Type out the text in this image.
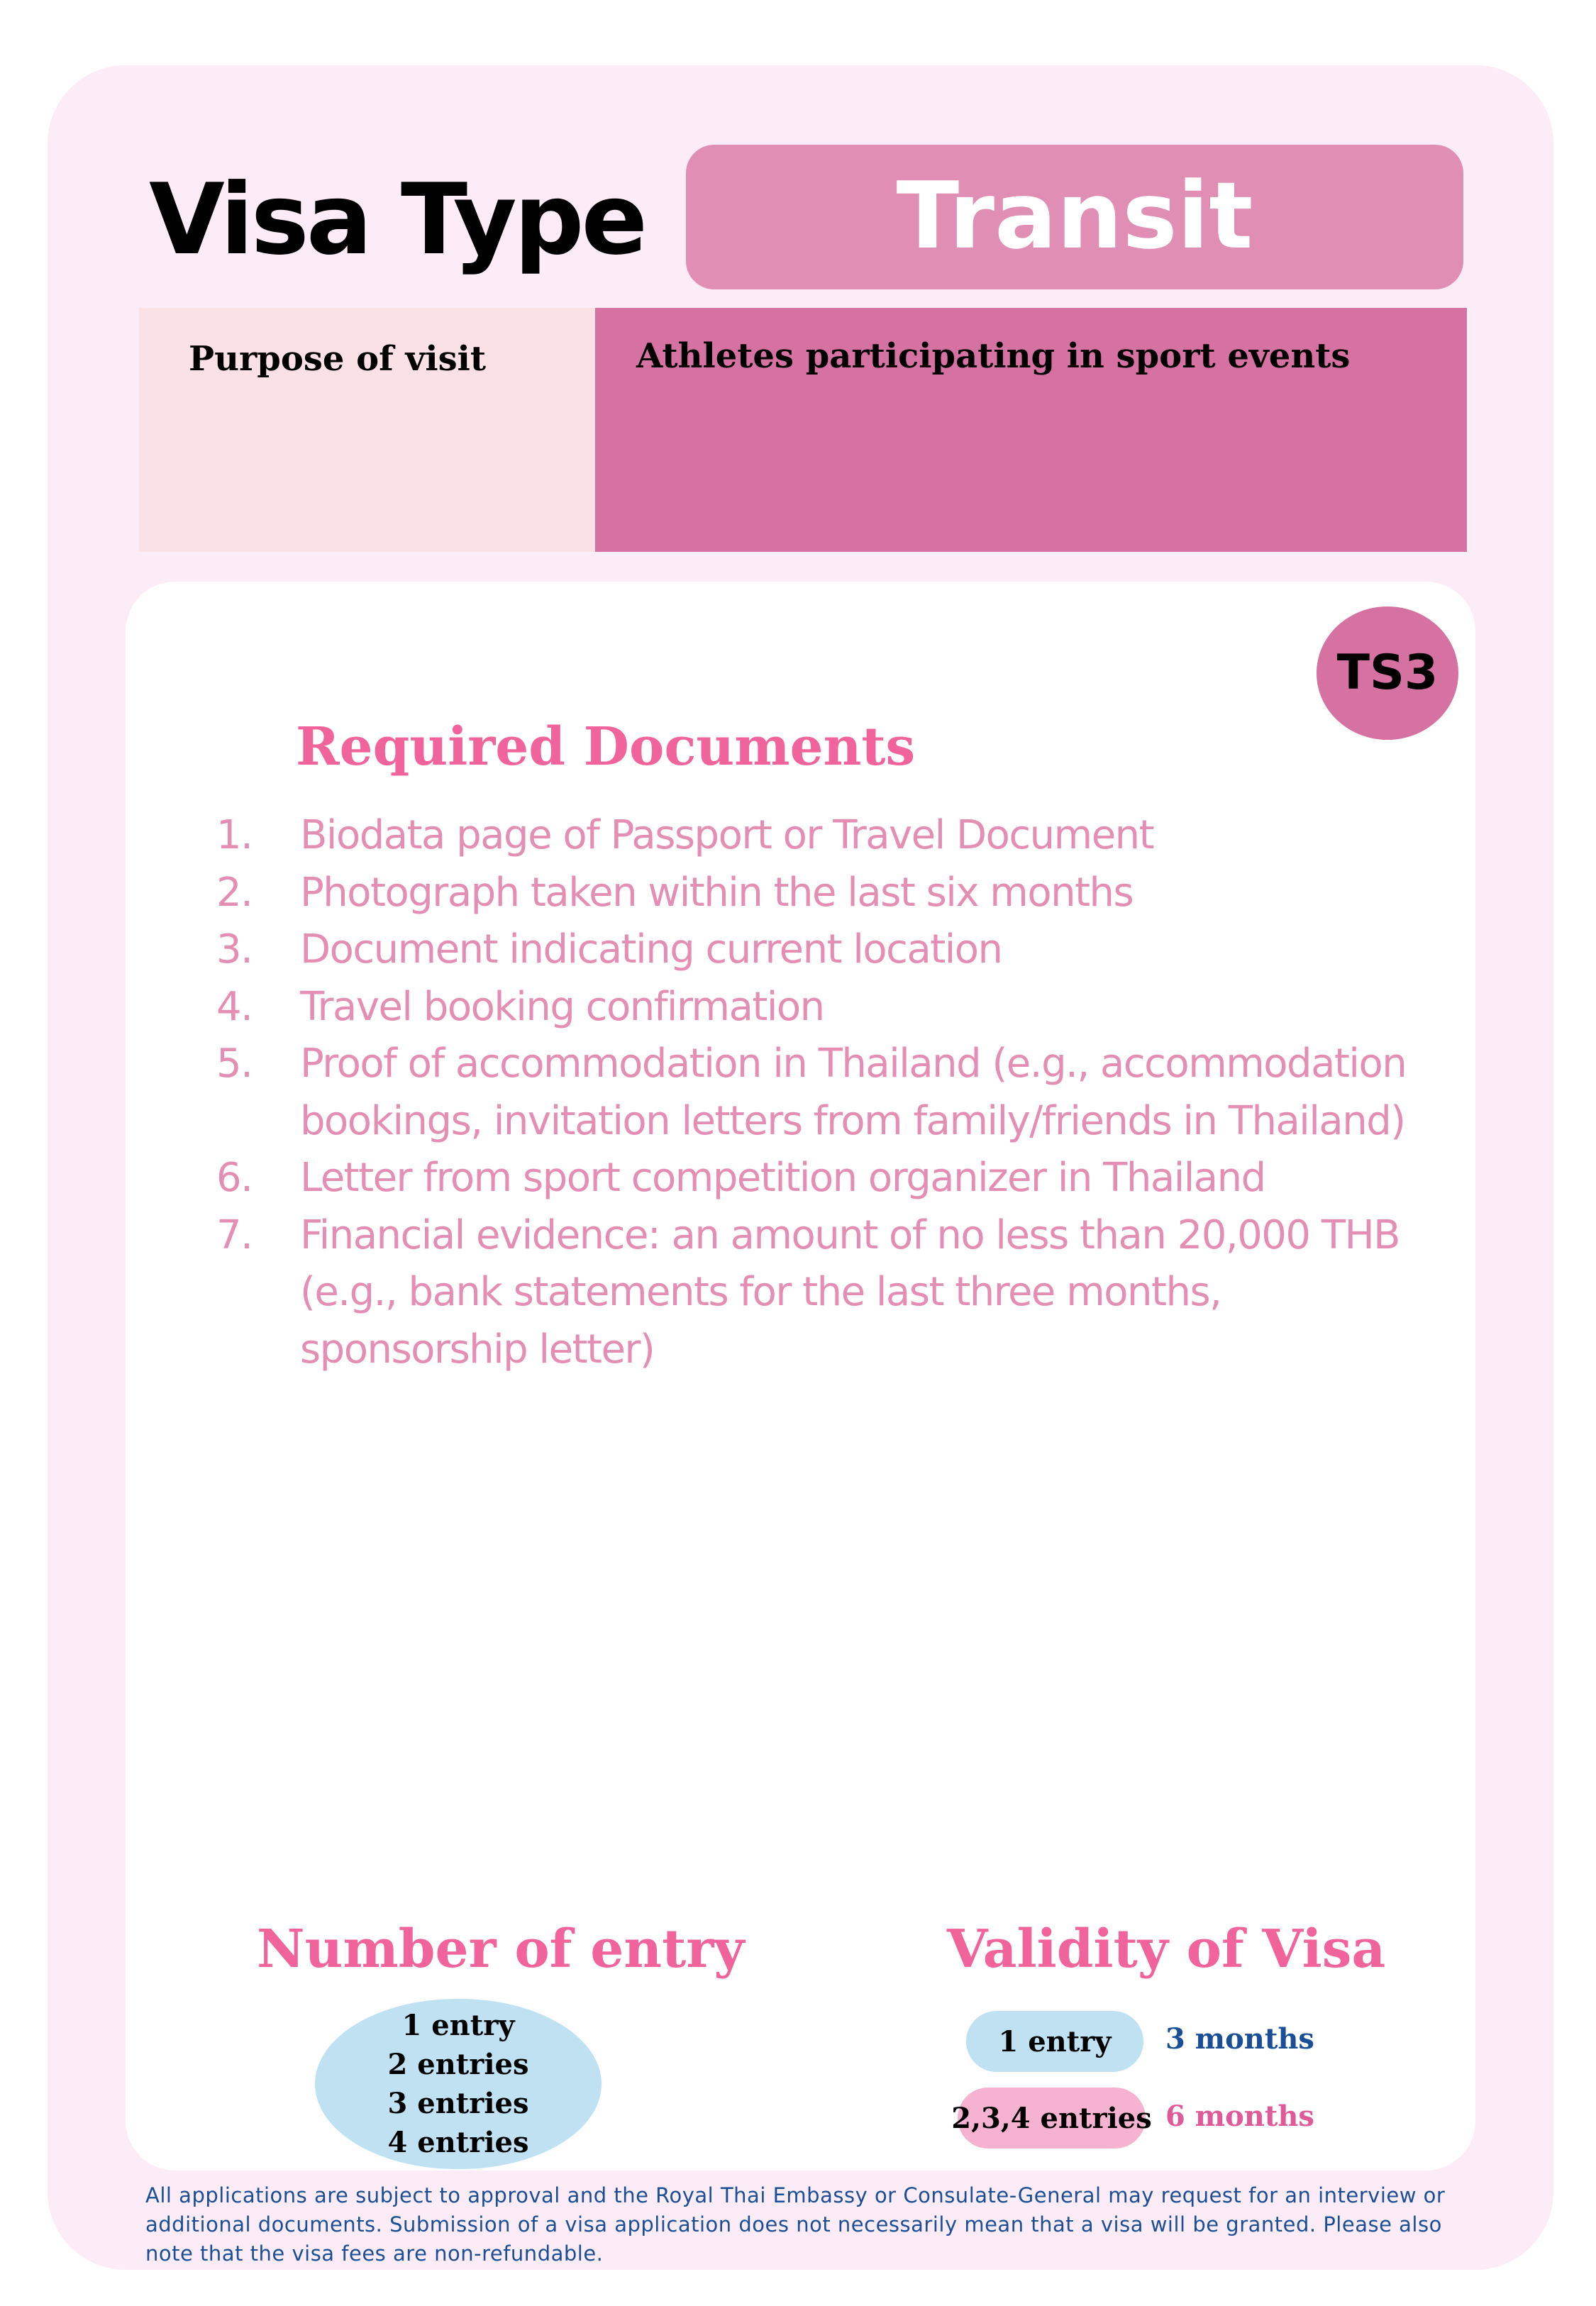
Visa Type	Transit
Purpose of visit	Athletes participating in sport events
TS3
Required Documents
1. Biodata page of Passport or Travel Document
2. Photograph taken within the last six months
3. Document indicating current location
4. Travel booking confirmation
5. Proof of accommodation in Thailand (e.g., accommodation bookings, invitation letters from family/friends in Thailand)
6. Letter from sport competition organizer in Thailand
7. Financial evidence: an amount of no less than 20,000 THB (e.g., bank statements for the last three months, sponsorship letter)
Number of entry	Validity of Visa
1 entry
2 entries
3 entries
4 entries
1 entry	3 months
2,3,4 entries 6 months
All applications are subject to approval and the Royal Thai Embassy or Consulate-General may request for an interview or additional documents. Submission of a visa application does not necessarily mean that a visa will be granted. Please also note that the visa fees are non-refundable.
